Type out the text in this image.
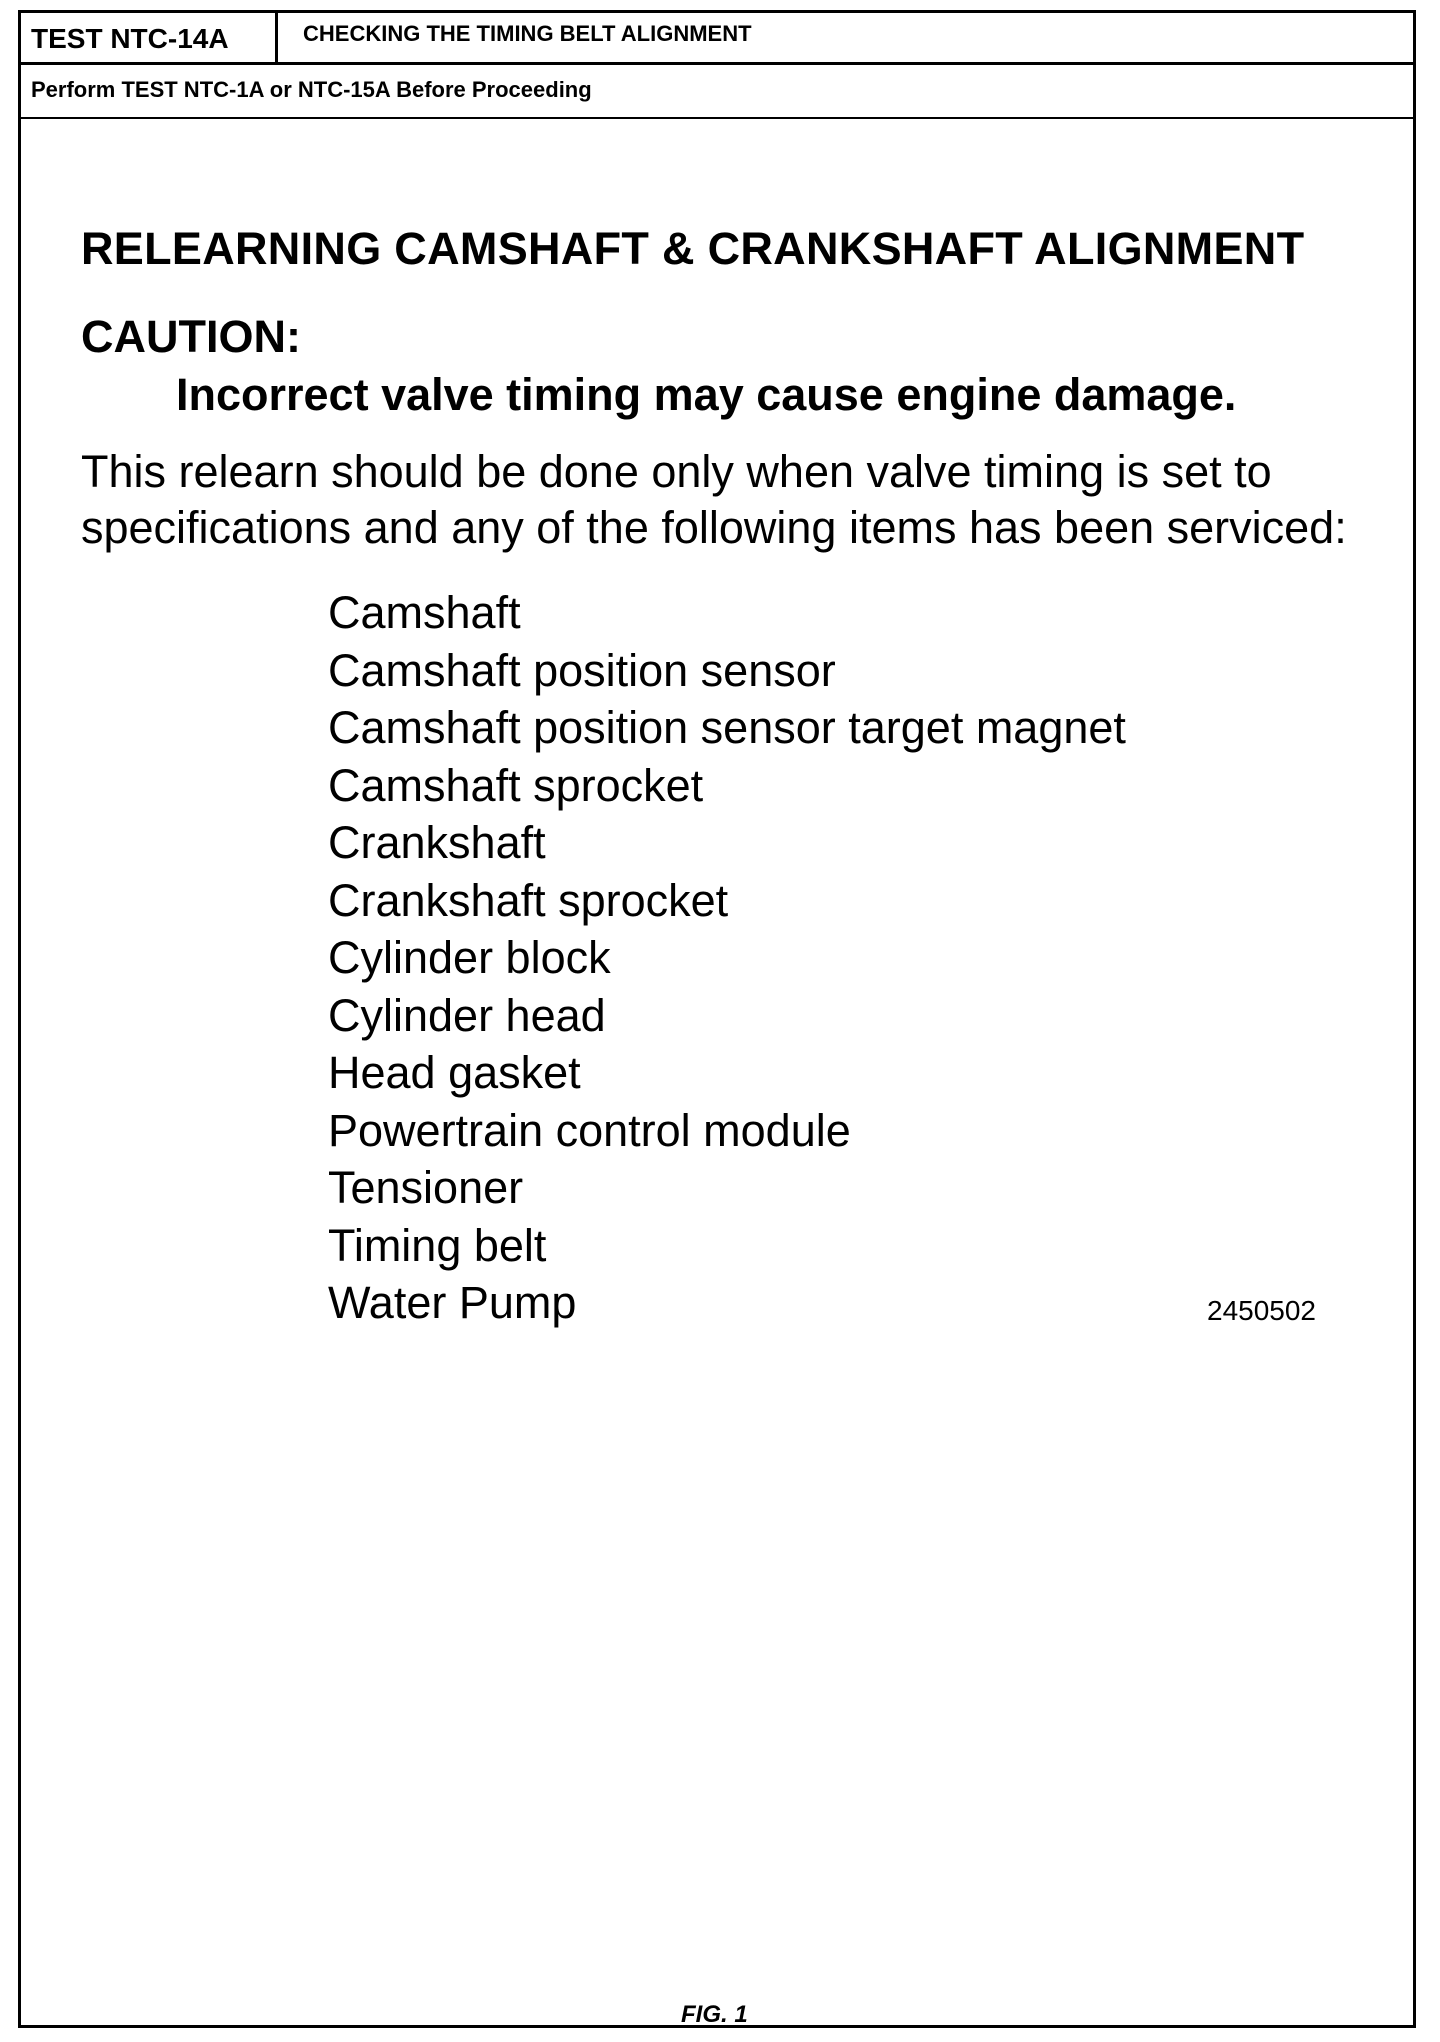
TEST NTC-14A	CHECKING THE TIMING BELT ALIGNMENT
Perform TEST NTC-1A or NTC-15A Before Proceeding
RELEARNING CAMSHAFT & CRANKSHAFT ALIGNMENT
CAUTION:
Incorrect valve timing may cause engine damage.

This relearn should be done only when valve timing is set to

specifications and any of the following items has been serviced:

Camshaft
Camshaft position sensor
Camshaft position sensor target magnet
Camshaft sprocket
Crankshaft
Crankshaft sprocket
Cylinder block
Cylinder head
Head gasket
Powertrain control module
Tensioner
Timing belt
Water Pump	2450502
FIG. 1
